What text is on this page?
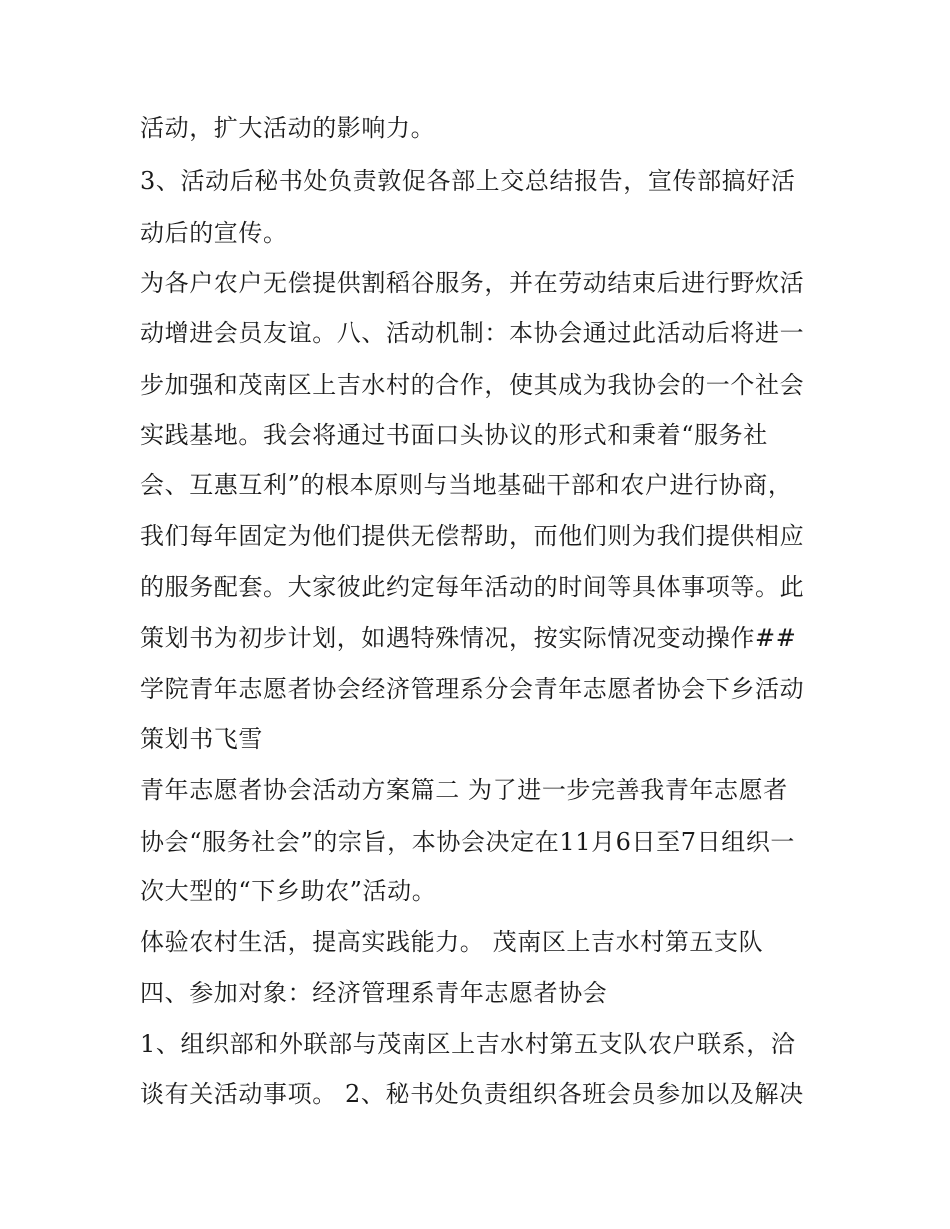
活动，扩大活动的影响力。
3、活动后秘书处负责敦促各部上交总结报告，宣传部搞好活
动后的宣传。
为各户农户无偿提供割稻谷服务，并在劳动结束后进行野炊活
动增进会员友谊。八、活动机制：本协会通过此活动后将进一
步加强和茂南区上吉水村的合作，使其成为我协会的一个社会
实践基地。我会将通过书面口头协议的形式和秉着“服务社
会、互惠互利”的根本原则与当地基础干部和农户进行协商，
我们每年固定为他们提供无偿帮助，而他们则为我们提供相应
的服务配套。大家彼此约定每年活动的时间等具体事项等。此
策划书为初步计划，如遇特殊情况，按实际情况变动操作##
学院青年志愿者协会经济管理系分会青年志愿者协会下乡活动
策划书飞雪
青年志愿者协会活动方案篇二 为了进一步完善我青年志愿者
协会“服务社会”的宗旨，本协会决定在11月6日至7日组织一
次大型的“下乡助农”活动。
体验农村生活，提高实践能力。 茂南区上吉水村第五支队
四、参加对象：经济管理系青年志愿者协会
1、组织部和外联部与茂南区上吉水村第五支队农户联系，洽
谈有关活动事项。 2、秘书处负责组织各班会员参加以及解决
